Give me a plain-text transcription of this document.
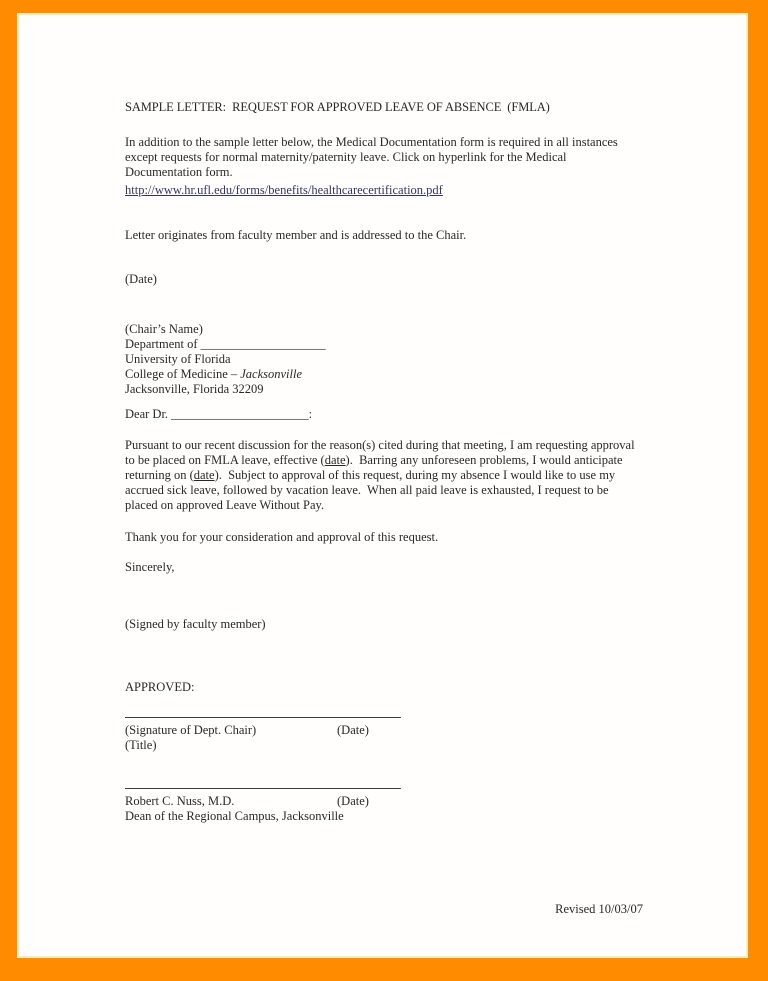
SAMPLE LETTER:  REQUEST FOR APPROVED LEAVE OF ABSENCE  (FMLA)
In addition to the sample letter below, the Medical Documentation form is required in all instances except requests for normal maternity/paternity leave. Click on hyperlink for the Medical Documentation form.
http://www.hr.ufl.edu/forms/benefits/healthcarecertification.pdf
Letter originates from faculty member and is addressed to the Chair.
(Date)
(Chair’s Name)
Department of ____________________
University of Florida
College of Medicine – Jacksonville
Jacksonville, Florida 32209
Dear Dr. ______________________:
Pursuant to our recent discussion for the reason(s) cited during that meeting, I am requesting approval to be placed on FMLA leave, effective (date).  Barring any unforeseen problems, I would anticipate returning on (date).  Subject to approval of this request, during my absence I would like to use my accrued sick leave, followed by vacation leave.  When all paid leave is exhausted, I request to be placed on approved Leave Without Pay.
Thank you for your consideration and approval of this request.
Sincerely,
(Signed by faculty member)
APPROVED:
(Signature of Dept. Chair)	(Date)
(Title)
Robert C. Nuss, M.D.	(Date)
Dean of the Regional Campus, Jacksonville
Revised 10/03/07
